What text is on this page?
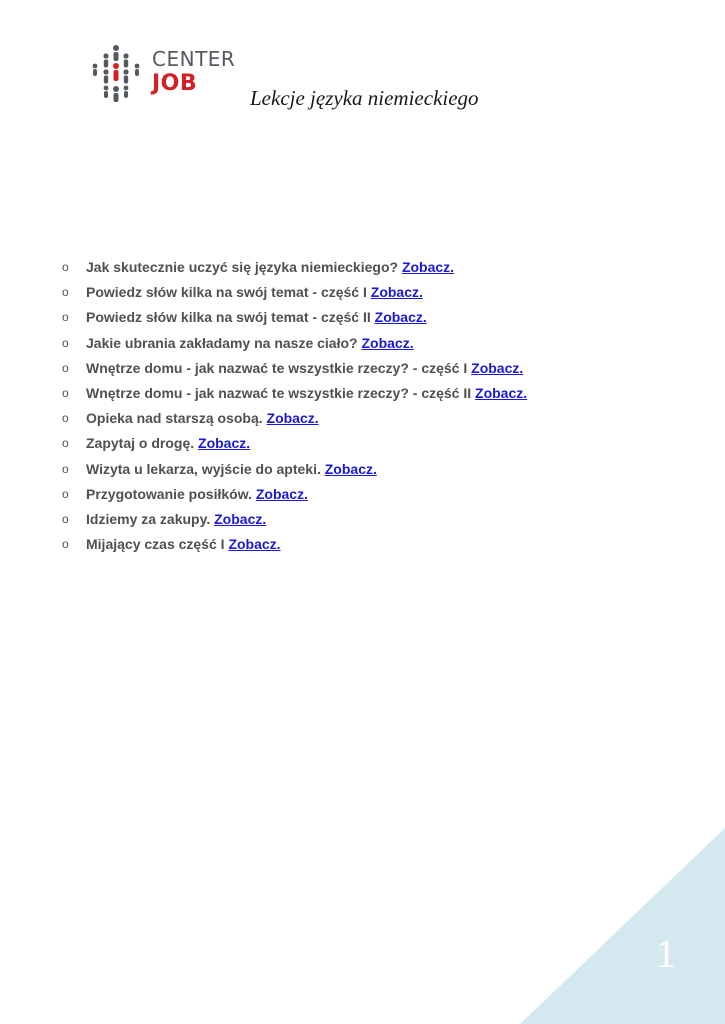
CENTER
JOB
Lekcje języka niemieckiego
o Jak skutecznie uczyć się języka niemieckiego? Zobacz.
o Powiedz słów kilka na swój temat - część I Zobacz.
o Powiedz słów kilka na swój temat - część II Zobacz.
o Jakie ubrania zakładamy na nasze ciało? Zobacz.
o Wnętrze domu - jak nazwać te wszystkie rzeczy? - część I Zobacz.
o Wnętrze domu - jak nazwać te wszystkie rzeczy? - część II Zobacz.
o Opieka nad starszą osobą. Zobacz.
o Zapytaj o drogę. Zobacz.
o Wizyta u lekarza, wyjście do apteki. Zobacz.
o Przygotowanie posiłków. Zobacz.
o Idziemy za zakupy. Zobacz.
o Mijający czas część I Zobacz.
1
